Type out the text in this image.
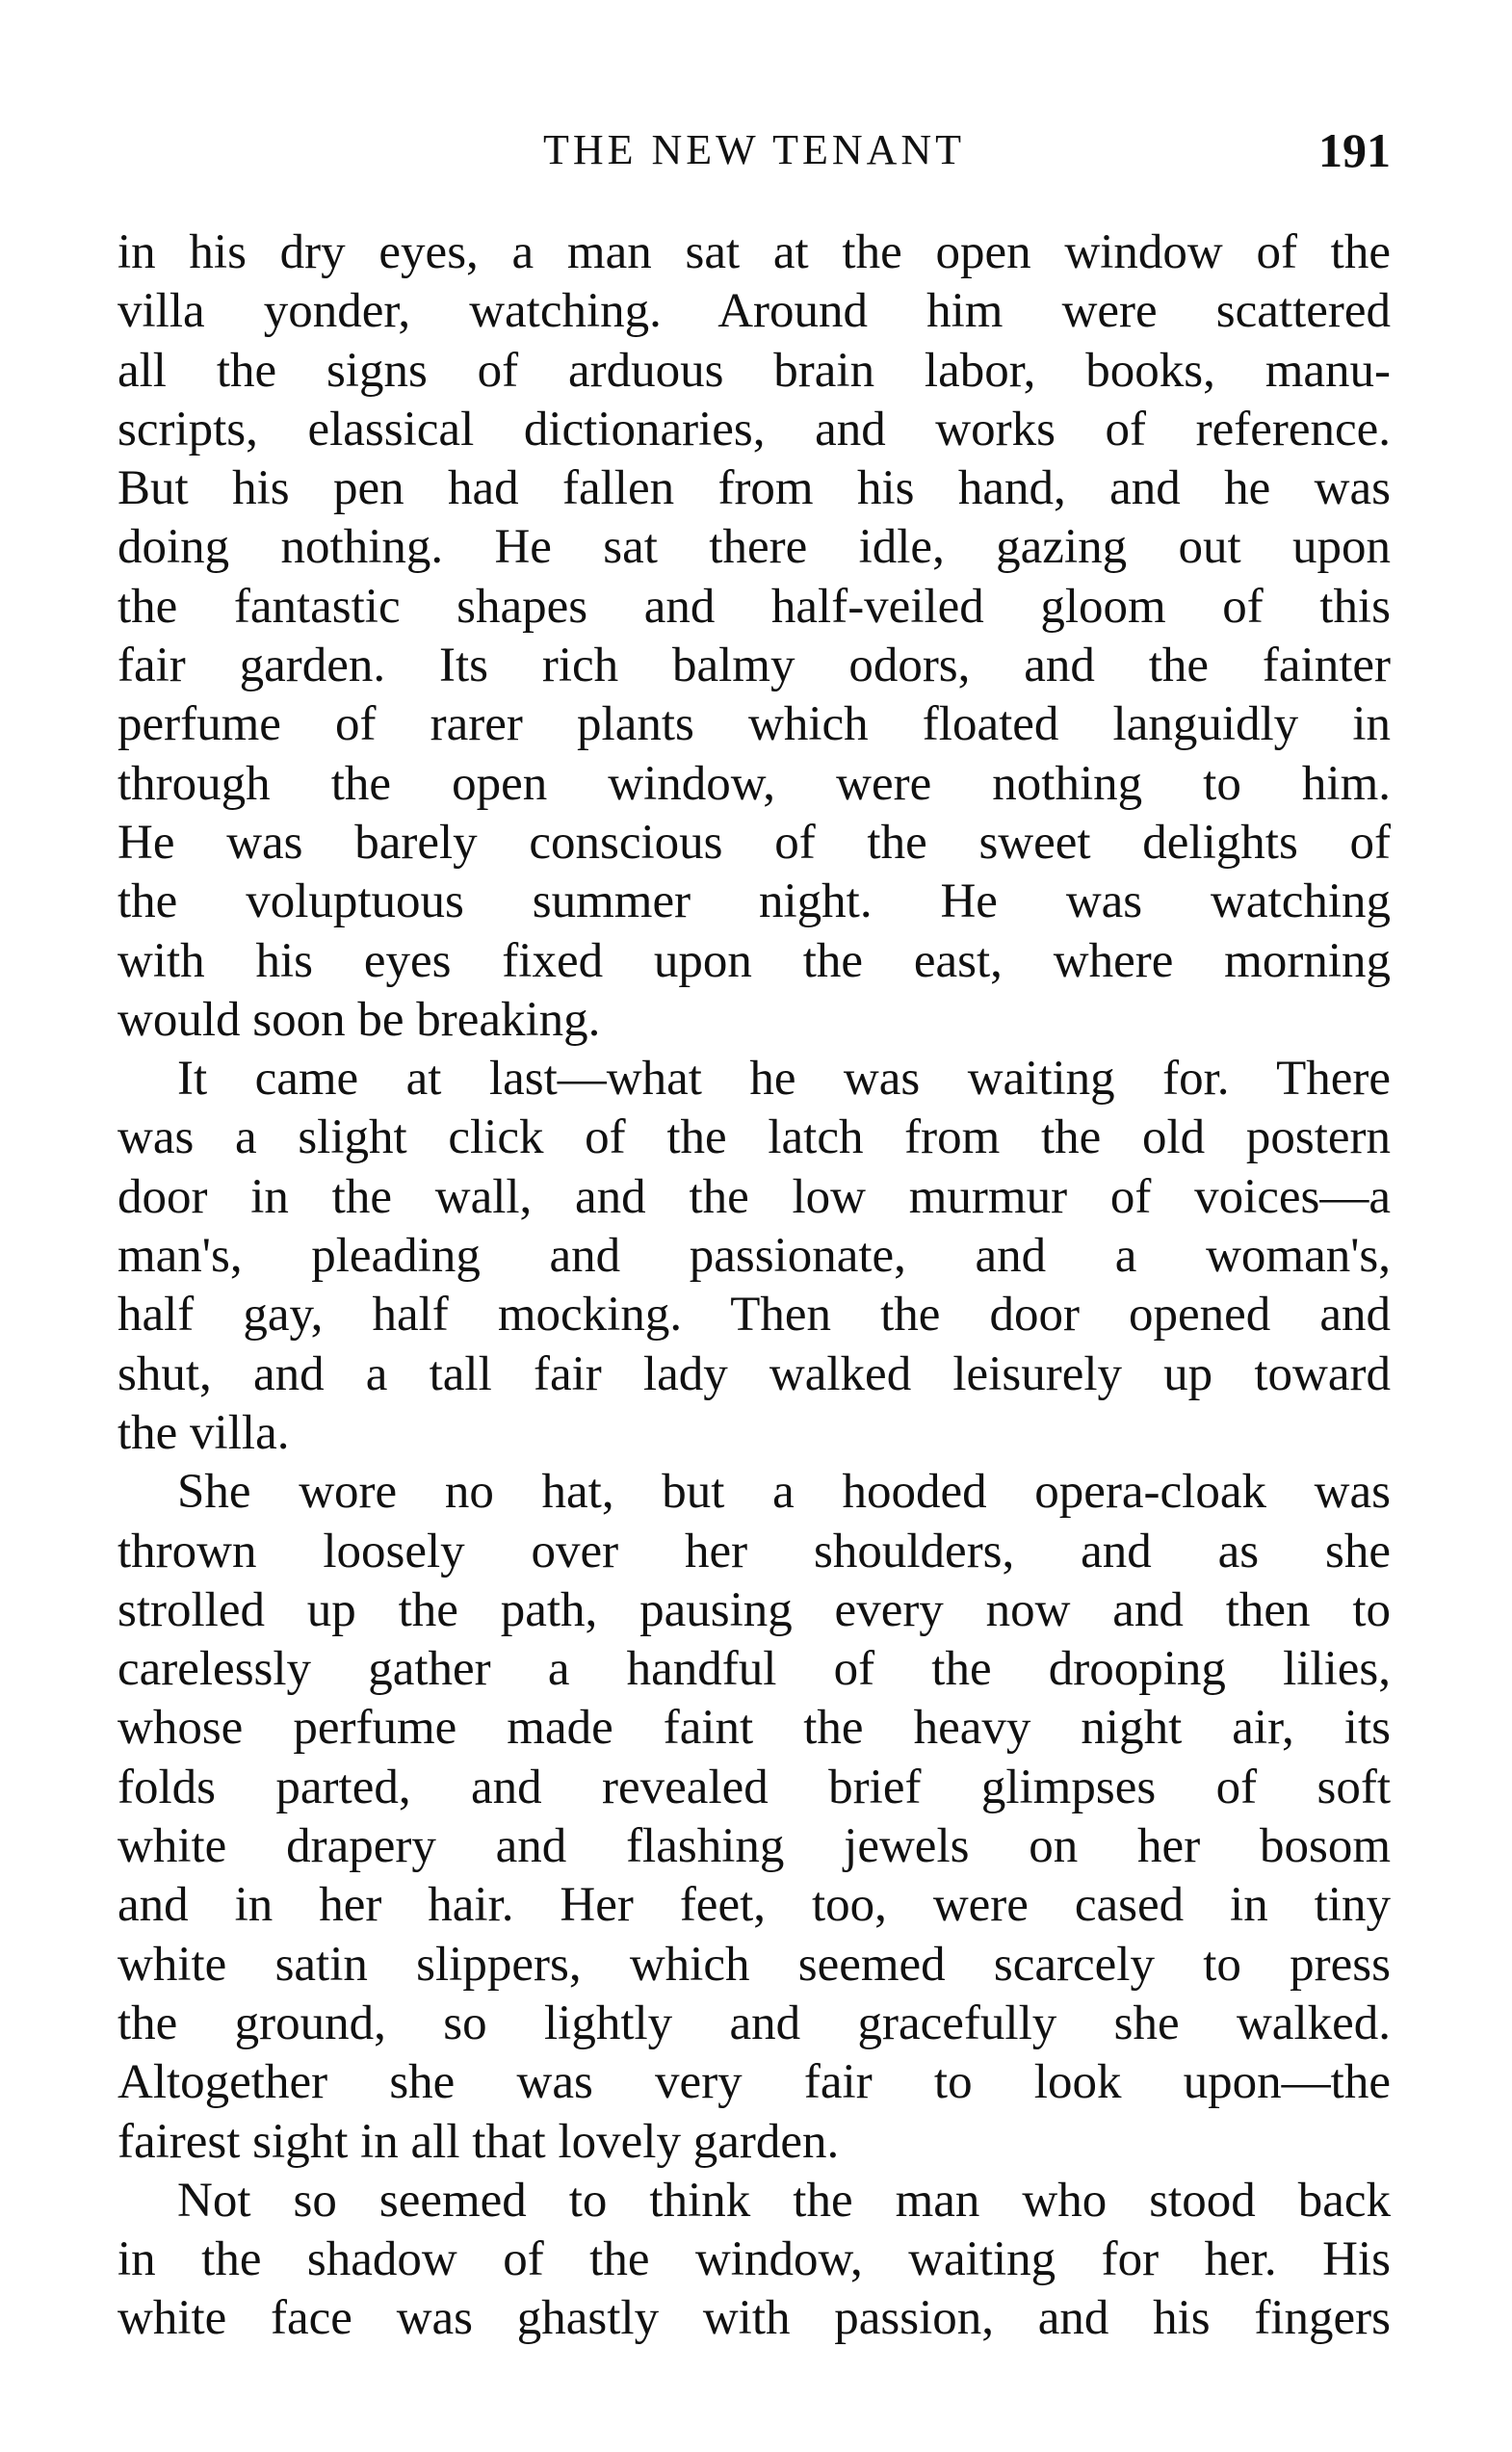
THE NEW TENANT	191
in his dry eyes, a man sat at the open window of the
villa yonder, watching. Around him were scattered
all the signs of arduous brain labor, books, manu-
scripts, elassical dictionaries, and works of reference.
But his pen had fallen from his hand, and he was
doing nothing. He sat there idle, gazing out upon
the fantastic shapes and half-veiled gloom of this
fair garden. Its rich balmy odors, and the fainter
perfume of rarer plants which floated languidly in
through the open window, were nothing to him.
He was barely conscious of the sweet delights of
the voluptuous summer night. He was watching
with his eyes fixed upon the east, where morning
would soon be breaking.
It came at last—what he was waiting for. There
was a slight click of the latch from the old postern
door in the wall, and the low murmur of voices—a
man's, pleading and passionate, and a woman's,
half gay, half mocking. Then the door opened and
shut, and a tall fair lady walked leisurely up toward
the villa.
She wore no hat, but a hooded opera-cloak was
thrown loosely over her shoulders, and as she
strolled up the path, pausing every now and then to
carelessly gather a handful of the drooping lilies,
whose perfume made faint the heavy night air, its
folds parted, and revealed brief glimpses of soft
white drapery and flashing jewels on her bosom
and in her hair. Her feet, too, were cased in tiny
white satin slippers, which seemed scarcely to press
the ground, so lightly and gracefully she walked.
Altogether she was very fair to look upon—the
fairest sight in all that lovely garden.
Not so seemed to think the man who stood back
in the shadow of the window, waiting for her. His
white face was ghastly with passion, and his fingers
